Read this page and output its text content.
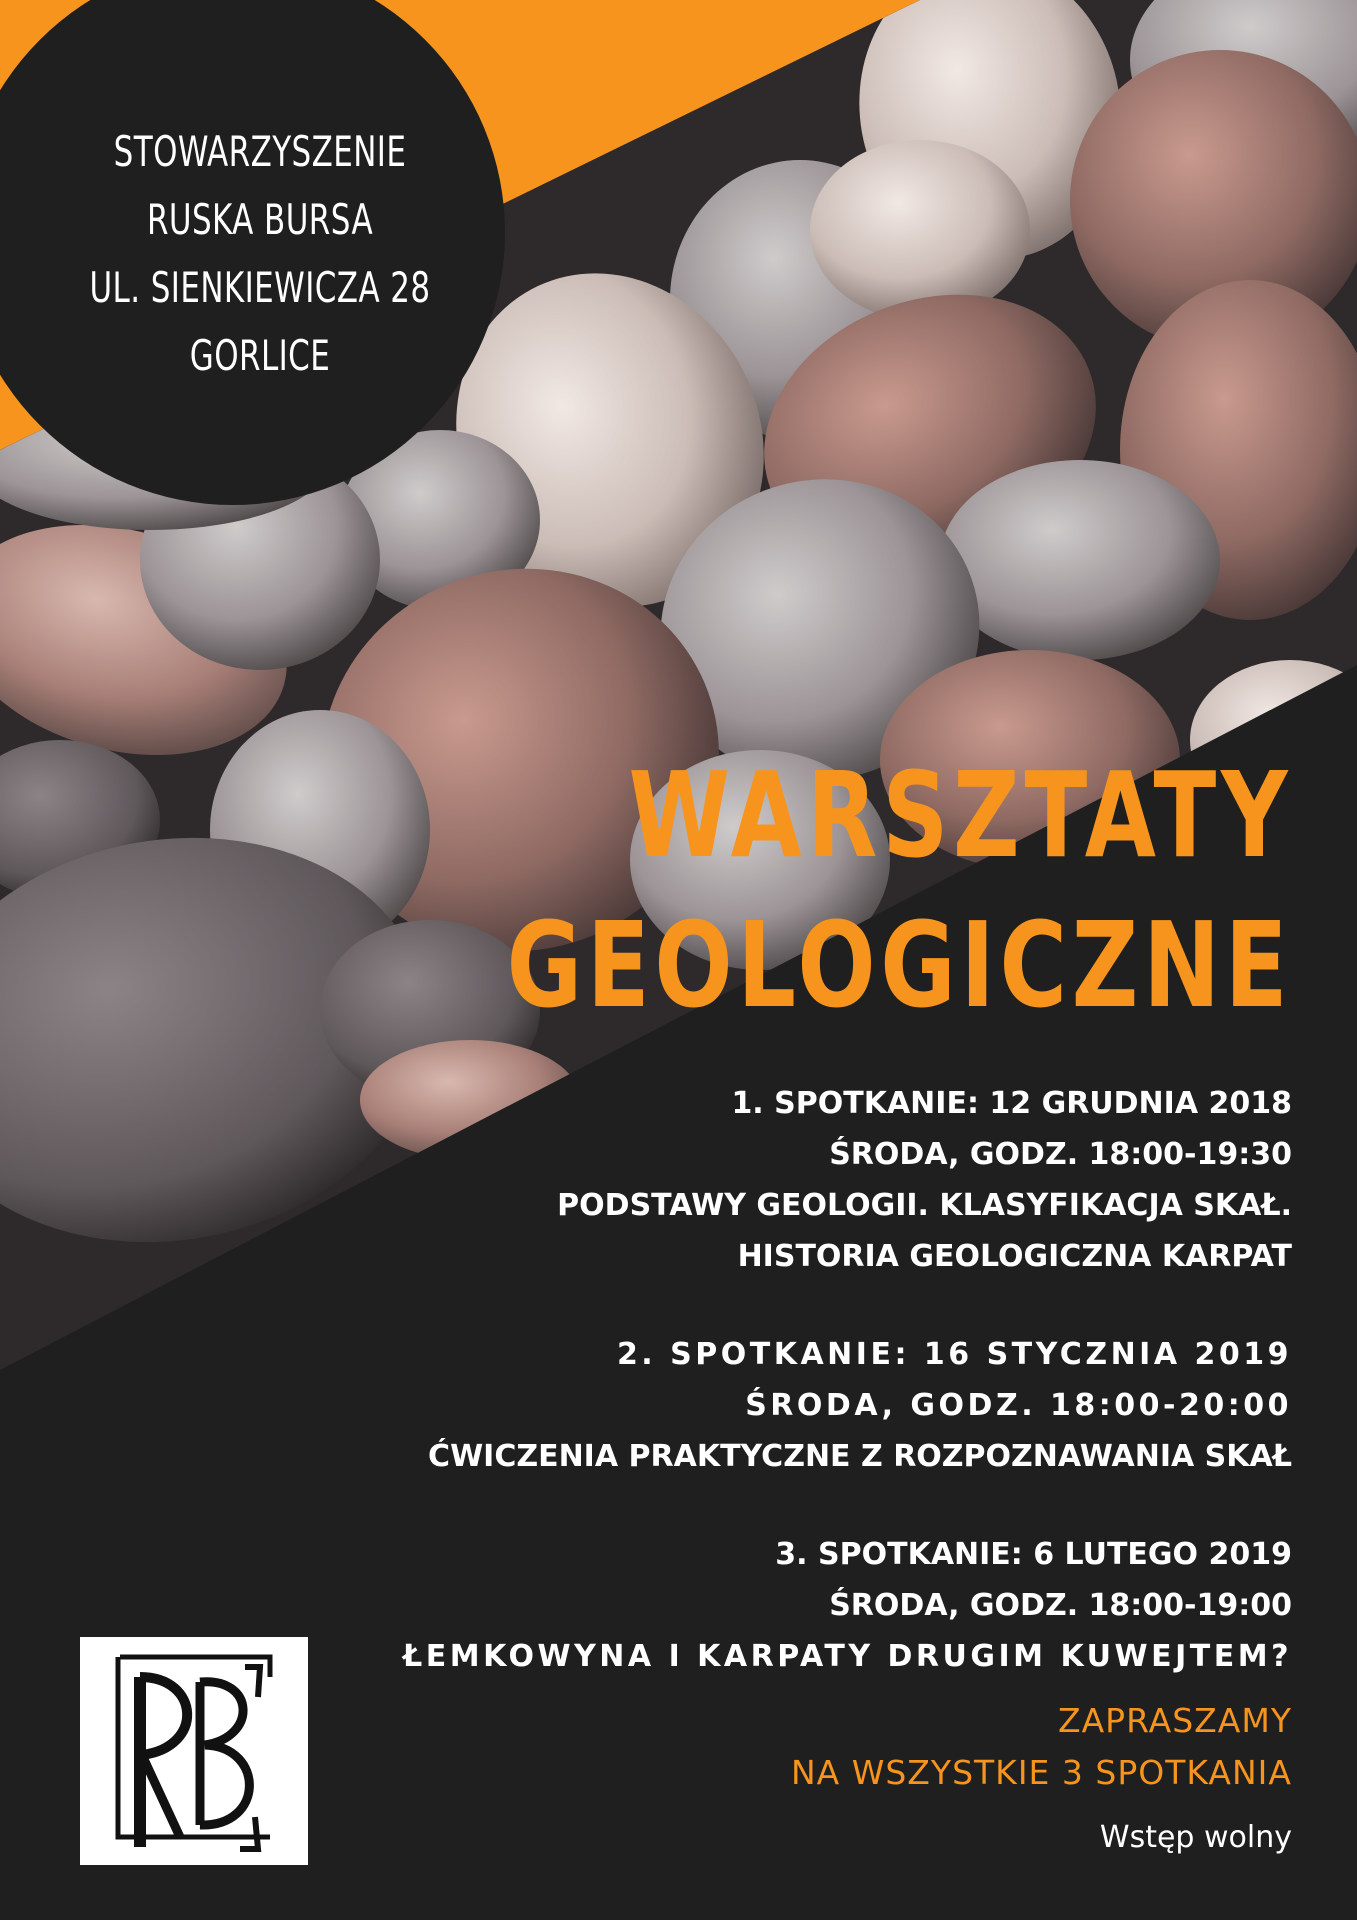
STOWARZYSZENIE
RUSKA BURSA
UL. SIENKIEWICZA 28
GORLICE
WARSZTATY
GEOLOGICZNE
1. SPOTKANIE: 12 GRUDNIA 2018
ŚRODA, GODZ. 18:00-19:30
PODSTAWY GEOLOGII. KLASYFIKACJA SKAŁ.
HISTORIA GEOLOGICZNA KARPAT
2. SPOTKANIE: 16 STYCZNIA 2019
ŚRODA, GODZ. 18:00-20:00
ĆWICZENIA PRAKTYCZNE Z ROZPOZNAWANIA SKAŁ
3. SPOTKANIE: 6 LUTEGO 2019
ŚRODA, GODZ. 18:00-19:00
ŁEMKOWYNA I KARPATY DRUGIM KUWEJTEM?
ZAPRASZAMY
NA WSZYSTKIE 3 SPOTKANIA
Wstęp wolny
